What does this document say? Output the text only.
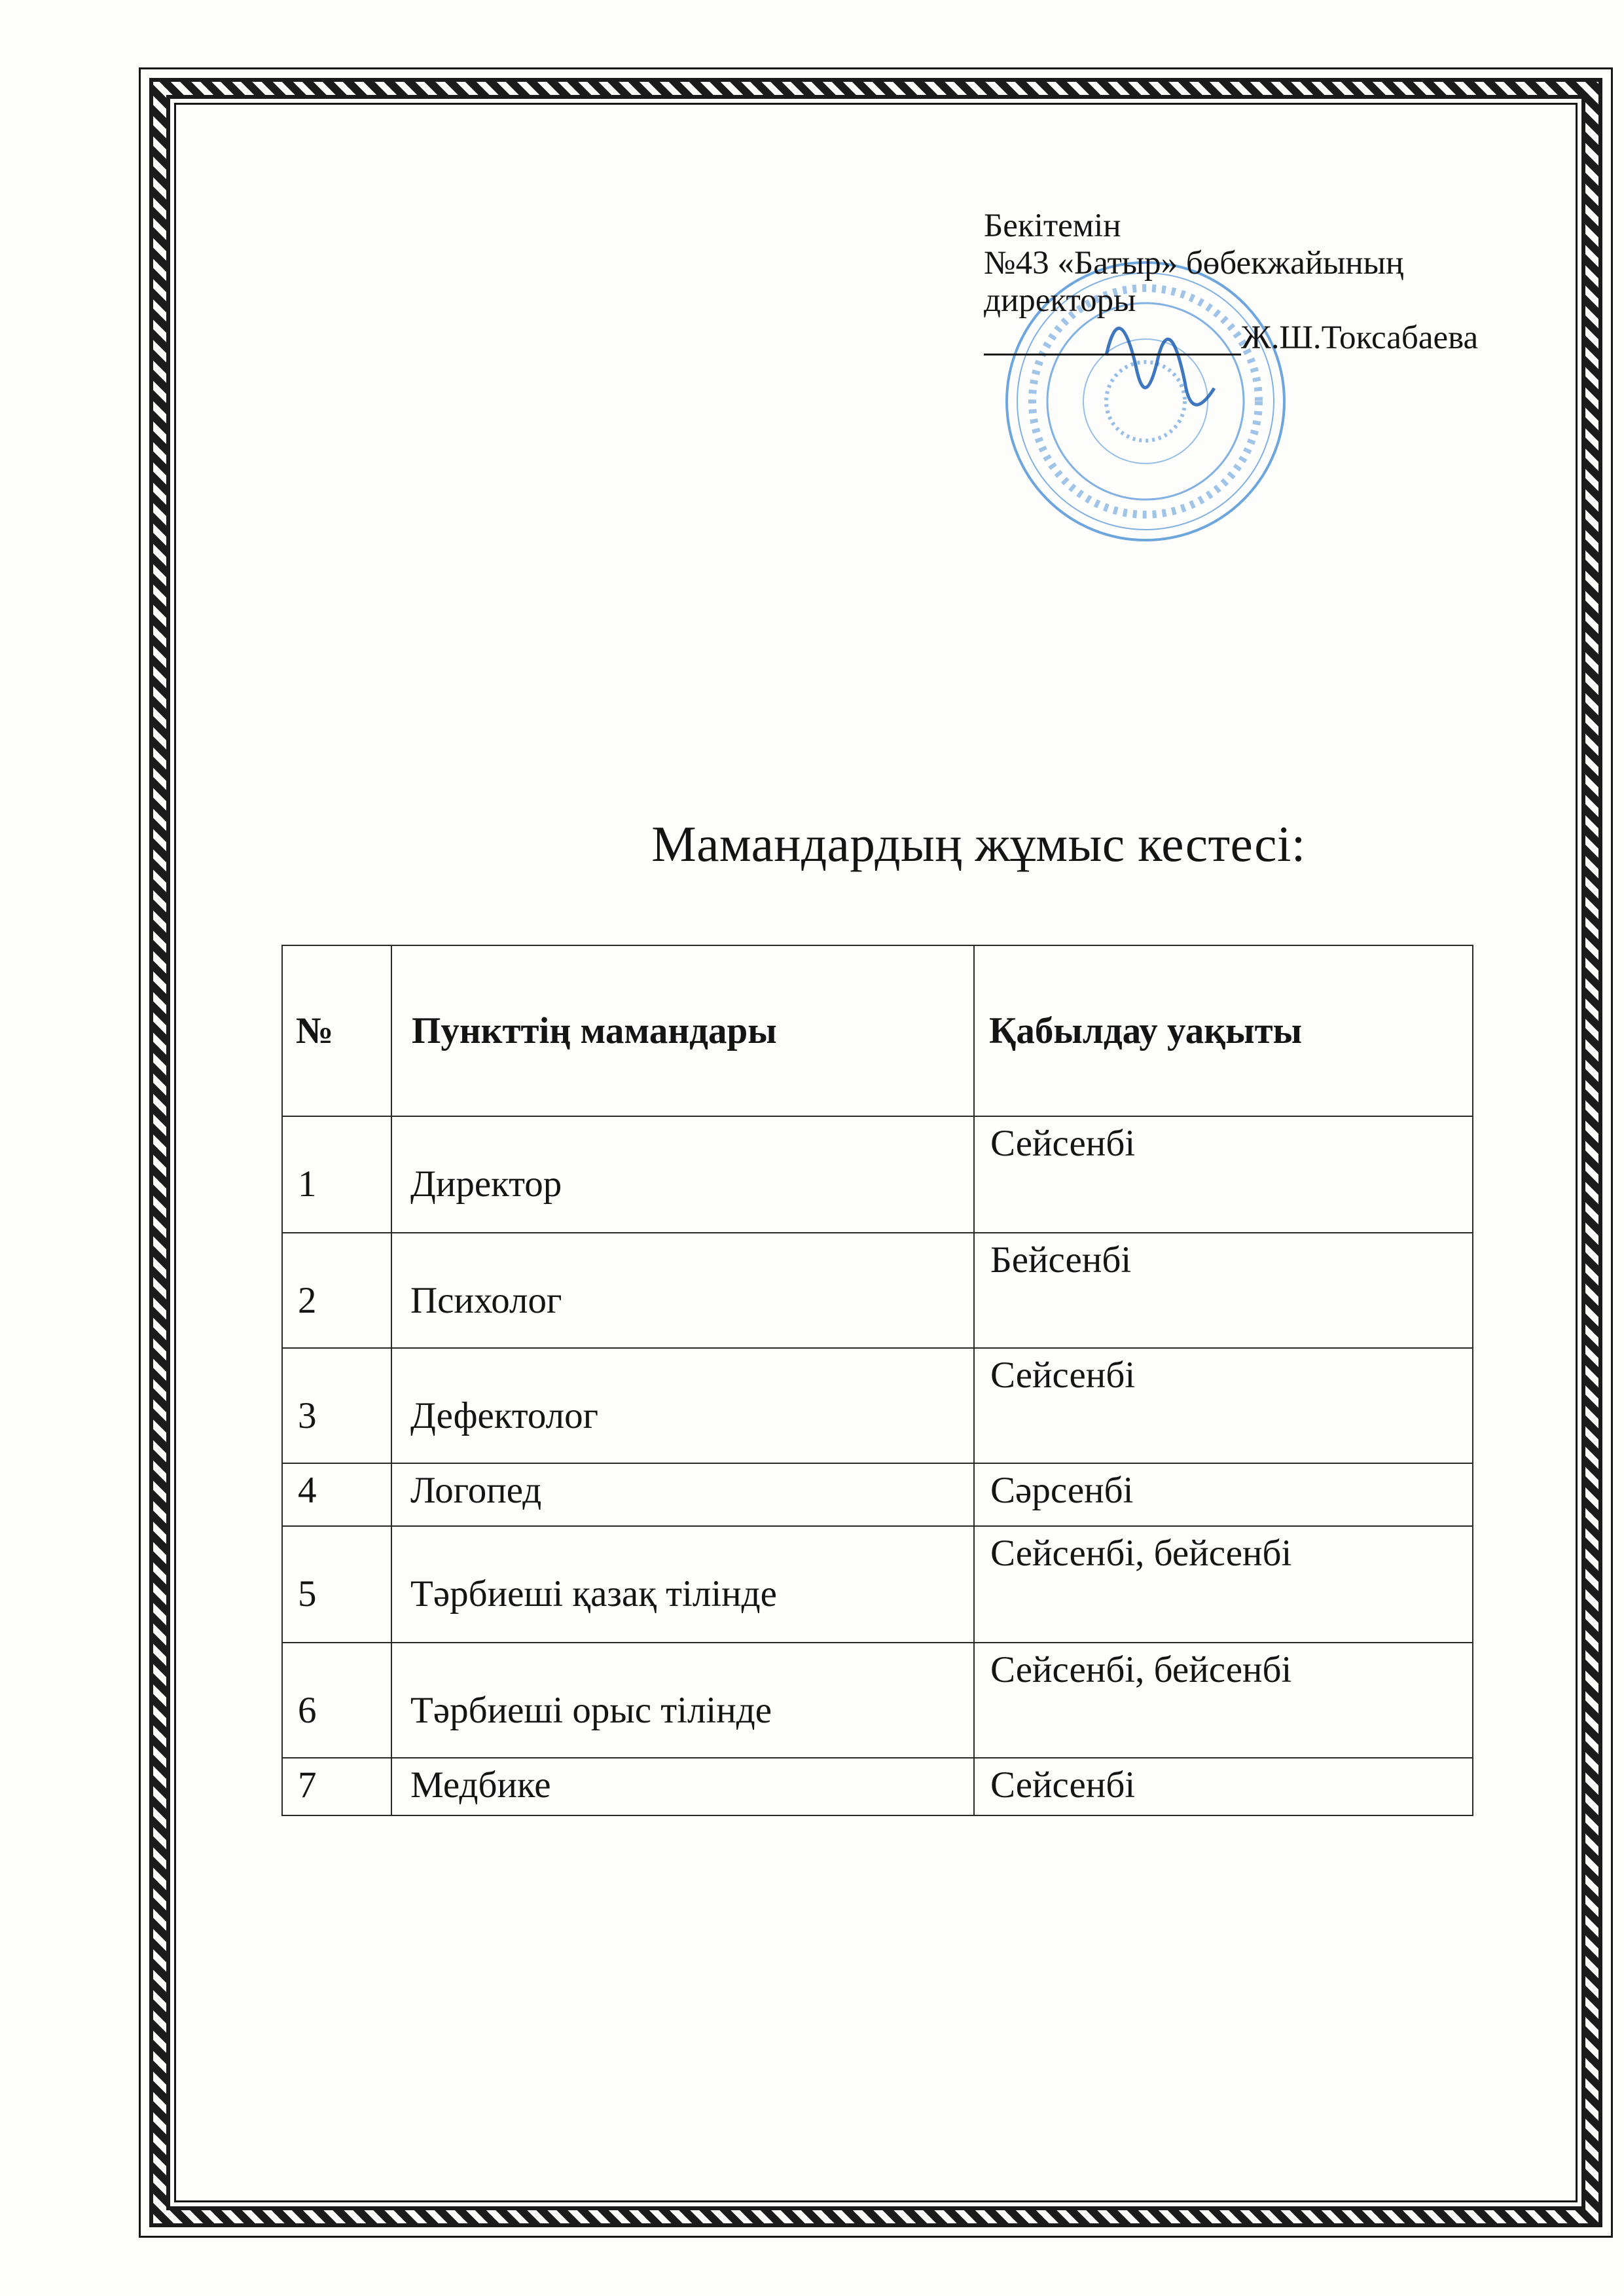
Бекітемін
№43 «Батыр» бөбекжайының
директоры
Ж.Ш.Токсабаева
Мамандардың жұмыс кестесі:
№	Пункттің мамандары	Қабылдау уақыты

1	Директор	Сейсенбі

2	Психолог	Бейсенбі

3	Дефектолог	Сейсенбі

4	Логопед	Сәрсенбі

5	Тәрбиеші қазақ тілінде	Сейсенбі, бейсенбі

6	Тәрбиеші орыс тілінде	Сейсенбі, бейсенбі

7	Медбике	Сейсенбі
